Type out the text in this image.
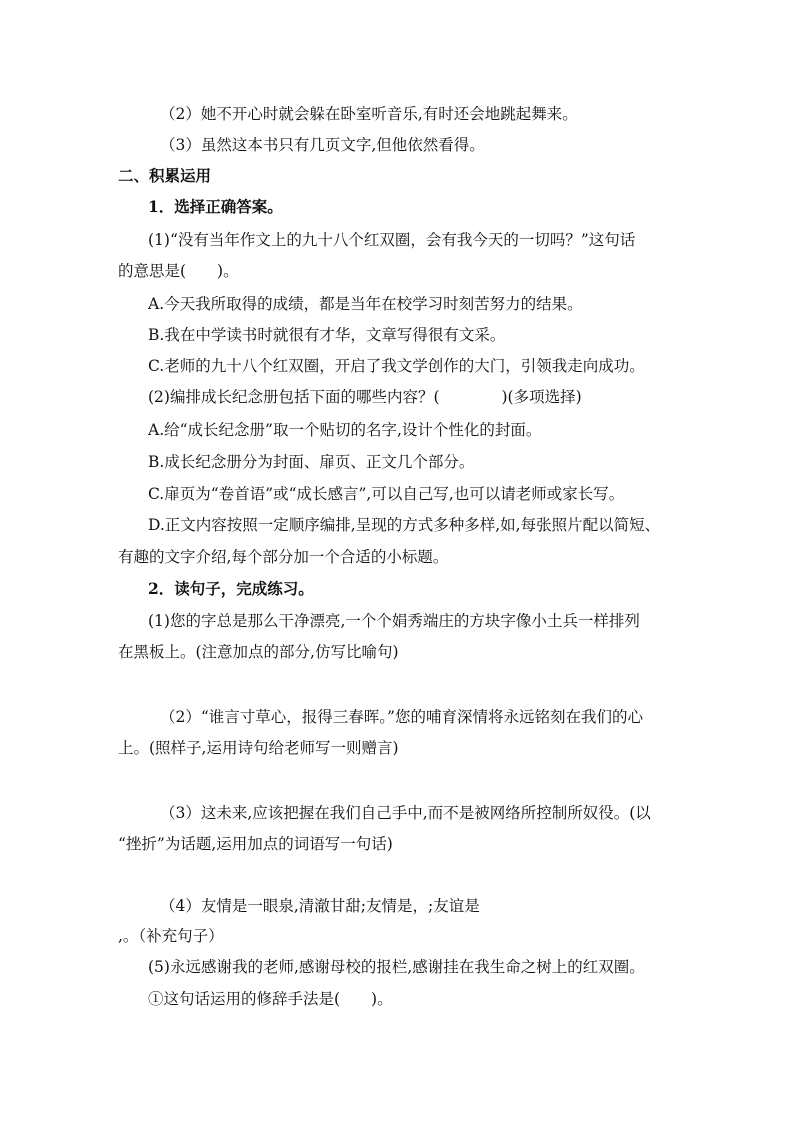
（2）她不开心时就会躲在卧室听音乐,有时还会地跳起舞来。
（3）虽然这本书只有几页文字,但他依然看得。
二、积累运用
1．选择正确答案。
(1)“没有当年作文上的九十八个红双圈，会有我今天的一切吗？”这句话
的意思是(　　)。
A.今天我所取得的成绩，都是当年在校学习时刻苦努力的结果。
B.我在中学读书时就很有才华，文章写得很有文采。
C.老师的九十八个红双圈，开启了我文学创作的大门，引领我走向成功。
(2)编排成长纪念册包括下面的哪些内容？(　　　　)(多项选择)
A.给“成长纪念册”取一个贴切的名字,设计个性化的封面。
B.成长纪念册分为封面、扉页、正文几个部分。
C.扉页为“卷首语”或“成长感言”,可以自己写,也可以请老师或家长写。
D.正文内容按照一定顺序编排,呈现的方式多种多样,如,每张照片配以简短、
有趣的文字介绍,每个部分加一个合适的小标题。
2．读句子，完成练习。
(1)您的字总是那么干净漂亮,一个个娟秀端庄的方块字像小土兵一样排列
在黑板上。(注意加点的部分,仿写比喻句)
（2）“谁言寸草心，报得三春晖。”您的哺育深情将永远铭刻在我们的心
上。(照样子,运用诗句给老师写一则赠言)
（3）这未来,应该把握在我们自己手中,而不是被网络所控制所奴役。(以
“挫折”为话题,运用加点的词语写一句话)
（4）友情是一眼泉,清澈甘甜;友情是，;友谊是
,。（补充句子）
(5)永远感谢我的老师,感谢母校的报栏,感谢挂在我生命之树上的红双圈。
①这句话运用的修辞手法是(　　)。
